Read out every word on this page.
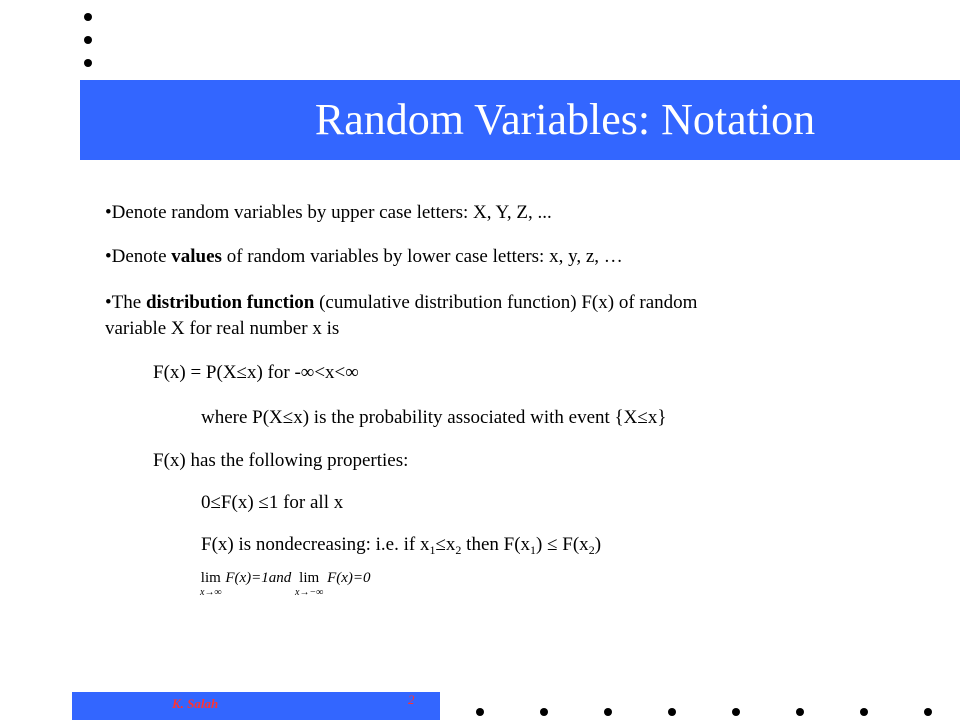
Random Variables: Notation
•Denote random variables by upper case letters: X, Y, Z, ...
•Denote values of random variables by lower case letters: x, y, z, …
•The distribution function (cumulative distribution function) F(x) of random
variable X for real number x is
F(x) = P(X≤x) for -∞<x<∞
where P(X≤x) is the probability associated with event {X≤x}
F(x) has the following properties:
0≤F(x) ≤1 for all x
F(x) is nondecreasing: i.e. if $x_1\le x_2$ then $F(x_1) \le F(x_2)$
lim
x→∞
F(x)=1and lim
x→−∞
F(x)=0
K. Salah	2
